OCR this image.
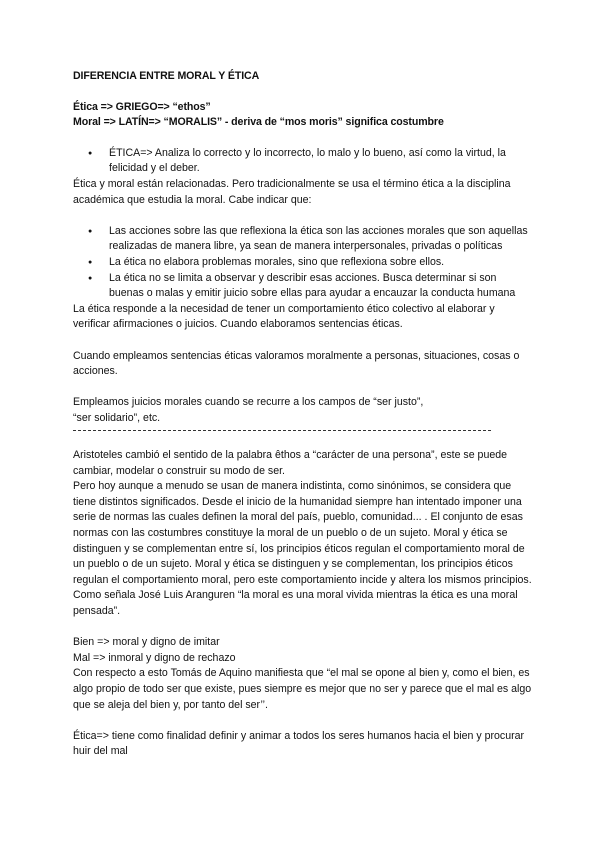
DIFERENCIA ENTRE MORAL Y ÉTICA

Ética => GRIEGO=> “ethos”

Moral => LATÍN=> “MORALIS” - deriva de “mos moris” significa costumbre

● ÉTICA=> Analiza lo correcto y lo incorrecto, lo malo y lo bueno, así como la virtud, la felicidad y el deber.

Ética y moral están relacionadas. Pero tradicionalmente se usa el término ética a la disciplina académica que estudia la moral. Cabe indicar que:

● Las acciones sobre las que reflexiona la ética son las acciones morales que son aquellas realizadas de manera libre, ya sean de manera interpersonales, privadas o políticas
● La ética no elabora problemas morales, sino que reflexiona sobre ellos.
● La ética no se limita a observar y describir esas acciones. Busca determinar si son buenas o malas y emitir juicio sobre ellas para ayudar a encauzar la conducta humana

La ética responde a la necesidad de tener un comportamiento ético colectivo al elaborar y verificar afirmaciones o juicios. Cuando elaboramos sentencias éticas.

Cuando empleamos sentencias éticas valoramos moralmente a personas, situaciones, cosas o acciones.

Empleamos juicios morales cuando se recurre a los campos de “ser justo”,

“ser solidario”, etc.

Aristoteles cambió el sentido de la palabra êthos a “carácter de una persona”, este se puede cambiar, modelar o construir su modo de ser.

Pero hoy aunque a menudo se usan de manera indistinta, como sinónimos, se considera que tiene distintos significados. Desde el inicio de la humanidad siempre han intentado imponer una serie de normas las cuales definen la moral del país, pueblo, comunidad... . El conjunto de esas normas con las costumbres constituye la moral de un pueblo o de un sujeto. Moral y ética se distinguen y se complementan entre sí, los principios éticos regulan el comportamiento moral de un pueblo o de un sujeto. Moral y ética se distinguen y se complementan, los principios éticos regulan el comportamiento moral, pero este comportamiento incide y altera los mismos principios. Como señala José Luis Aranguren “la moral es una moral vivida mientras la ética es una moral pensada”.

Bien => moral y digno de imitar

Mal => inmoral y digno de rechazo

Con respecto a esto Tomás de Aquino manifiesta que “el mal se opone al bien y, como el bien, es algo propio de todo ser que existe, pues siempre es mejor que no ser y parece que el mal es algo que se aleja del bien y, por tanto del ser’’.

Ética=> tiene como finalidad definir y animar a todos los seres humanos hacia el bien y procurar huir del mal
